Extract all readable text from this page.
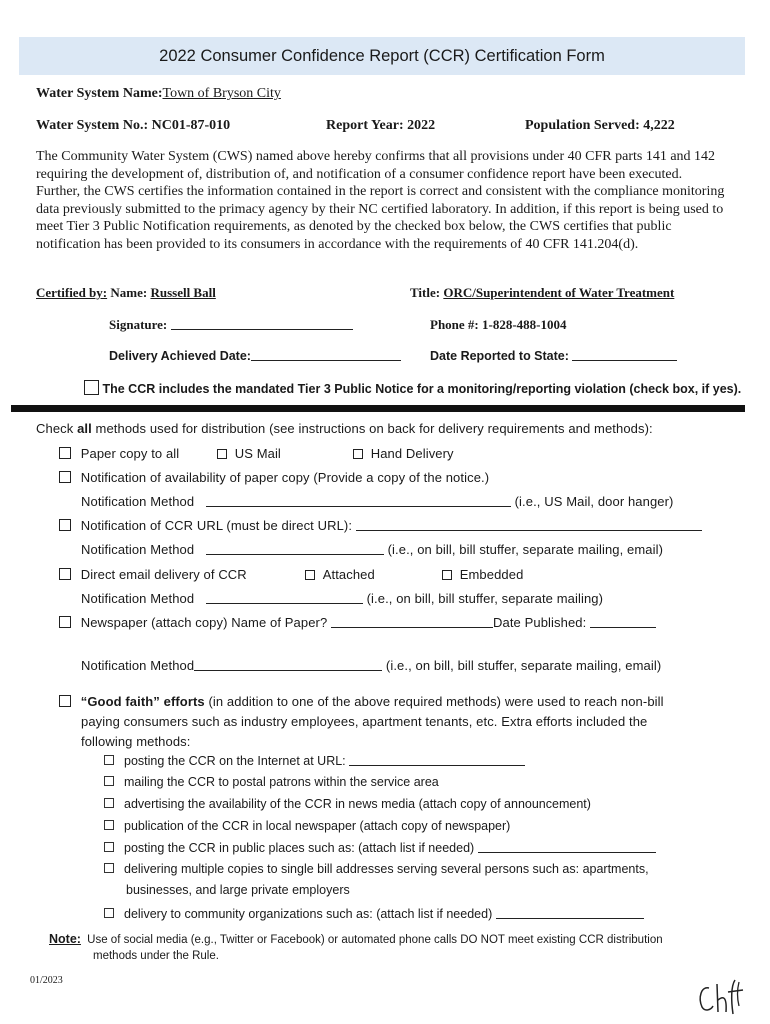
2022 Consumer Confidence Report (CCR) Certification Form
Water System Name:Town of Bryson City
Water System No.: NC01-87-010	Report Year: 2022	Population Served: 4,222
The Community Water System (CWS) named above hereby confirms that all provisions under 40 CFR parts 141 and 142 requiring the development of, distribution of, and notification of a consumer confidence report have been executed. Further, the CWS certifies the information contained in the report is correct and consistent with the compliance monitoring data previously submitted to the primacy agency by their NC certified laboratory. In addition, if this report is being used to meet Tier 3 Public Notification requirements, as denoted by the checked box below, the CWS certifies that public notification has been provided to its consumers in accordance with the requirements of 40 CFR 141.204(d).
Certified by: Name: Russell Ball	Title: ORC/Superintendent of Water Treatment
Signature:	Phone #: 1-828-488-1004
Delivery Achieved Date:	Date Reported to State:
The CCR includes the mandated Tier 3 Public Notice for a monitoring/reporting violation (check box, if yes).
Check all methods used for distribution (see instructions on back for delivery requirements and methods):
Paper copy to all	US Mail	Hand Delivery
Notification of availability of paper copy (Provide a copy of the notice.)
Notification Method	(i.e., US Mail, door hanger)
Notification of CCR URL (must be direct URL):
Notification Method	(i.e., on bill, bill stuffer, separate mailing, email)
Direct email delivery of CCR	Attached	Embedded
Notification Method	(i.e., on bill, bill stuffer, separate mailing)
Newspaper (attach copy) Name of Paper?	Date Published:
Notification Method	(i.e., on bill, bill stuffer, separate mailing, email)
“Good faith” efforts (in addition to one of the above required methods) were used to reach non-bill
paying consumers such as industry employees, apartment tenants, etc. Extra efforts included the
following methods:
posting the CCR on the Internet at URL:
mailing the CCR to postal patrons within the service area
advertising the availability of the CCR in news media (attach copy of announcement)
publication of the CCR in local newspaper (attach copy of newspaper)
posting the CCR in public places such as: (attach list if needed)
delivering multiple copies to single bill addresses serving several persons such as: apartments,
businesses, and large private employers
delivery to community organizations such as: (attach list if needed)
Note: Use of social media (e.g., Twitter or Facebook) or automated phone calls DO NOT meet existing CCR distribution
methods under the Rule.
01/2023
